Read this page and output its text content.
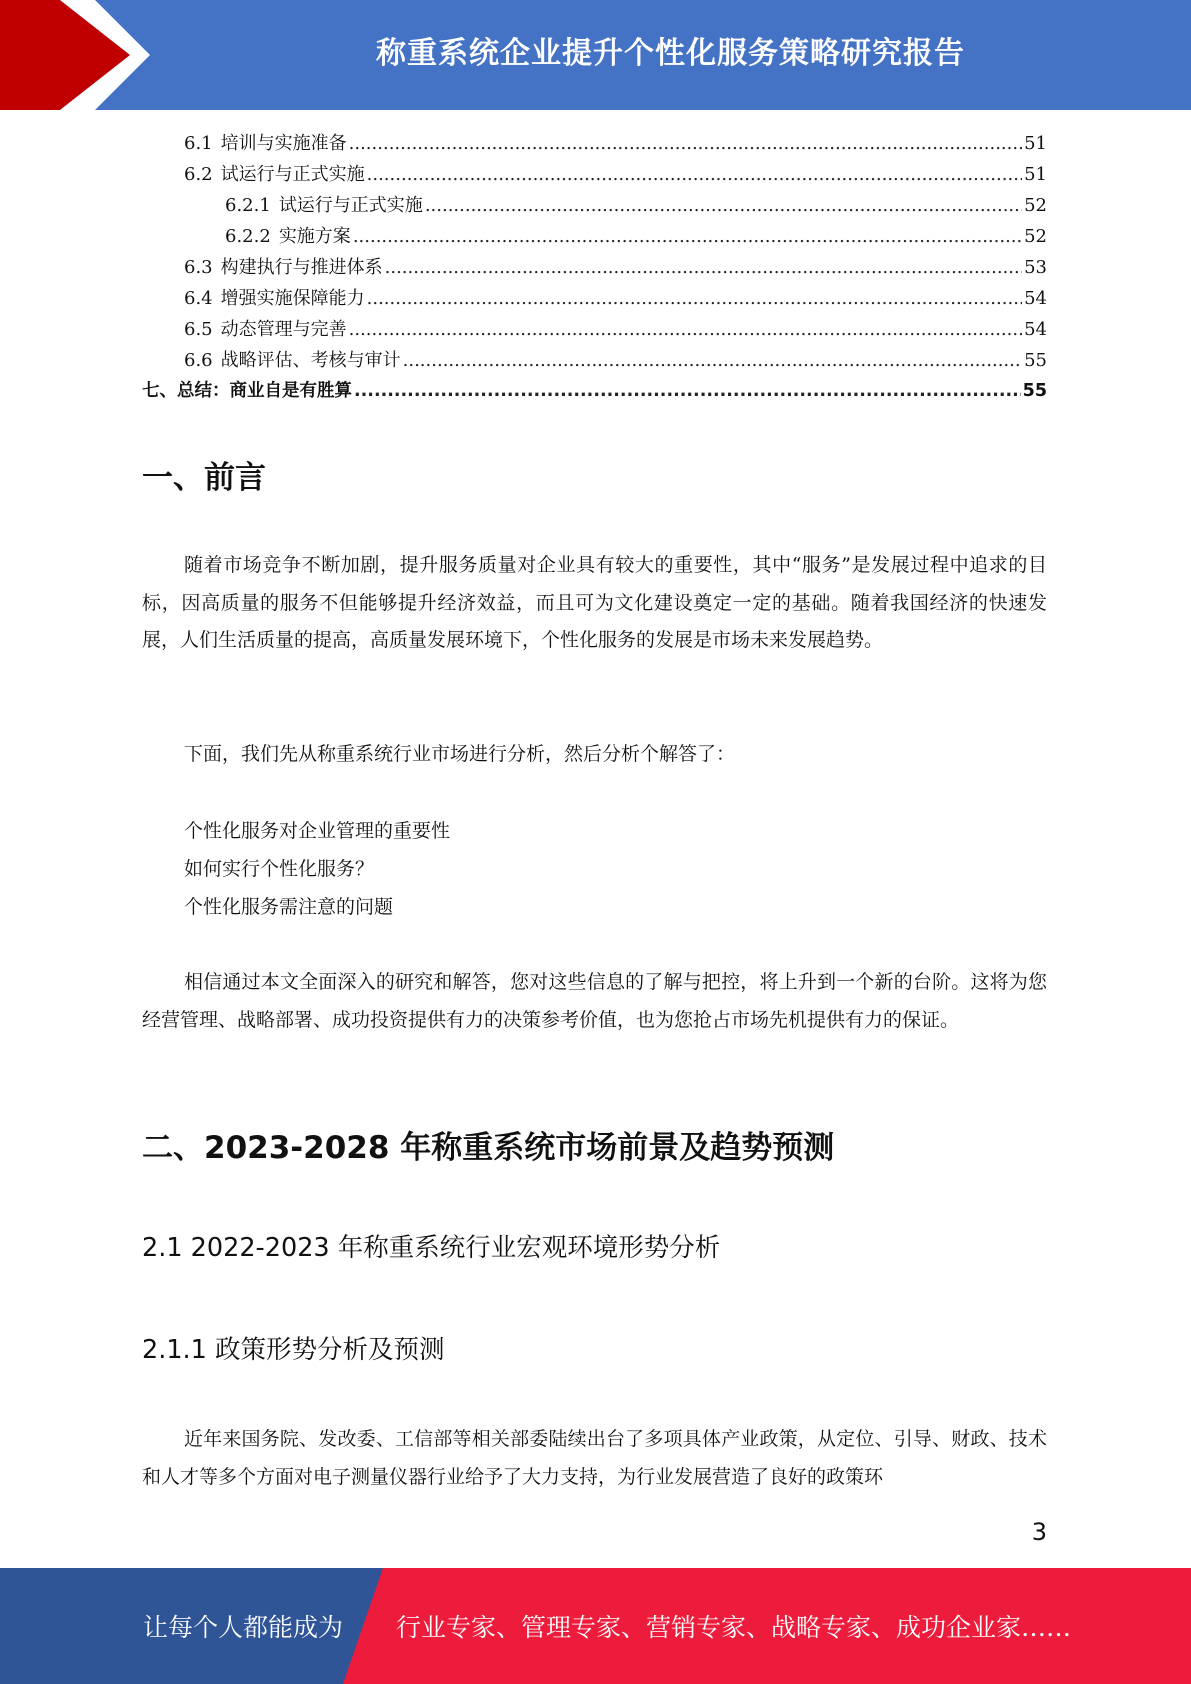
称重系统企业提升个性化服务策略研究报告
6.1 培训与实施准备 .....	51
6.2 试运行与正式实施 .....	51
6.2.1 试运行与正式实施 .....	52
6.2.2 实施方案 .....	52
6.3 构建执行与推进体系 .....	53
6.4 增强实施保障能力 .....	54
6.5 动态管理与完善 .....	54
6.6 战略评估、考核与审计 .....	55
七、总结：商业自是有胜算 .....	55
一、前言

随着市场竞争不断加剧，提升服务质量对企业具有较大的重要性，其中“服务”是发展过程中追求的目标，因高质量的服务不但能够提升经济效益，而且可为文化建设奠定一定的基础。随着我国经济的快速发展，人们生活质量的提高，高质量发展环境下，个性化服务的发展是市场未来发展趋势。

下面，我们先从称重系统行业市场进行分析，然后分析个解答了：

个性化服务对企业管理的重要性
如何实行个性化服务？
个性化服务需注意的问题

相信通过本文全面深入的研究和解答，您对这些信息的了解与把控，将上升到一个新的台阶。这将为您经营管理、战略部署、成功投资提供有力的决策参考价值，也为您抢占市场先机提供有力的保证。

二、2023-2028 年称重系统市场前景及趋势预测
2.1 2022-2023 年称重系统行业宏观环境形势分析
2.1.1 政策形势分析及预测

近年来国务院、发改委、工信部等相关部委陆续出台了多项具体产业政策，从定位、引导、财政、技术和人才等多个方面对电子测量仪器行业给予了大力支持，为行业发展营造了良好的政策环

3
让每个人都能成为 行业专家、管理专家、营销专家、战略专家、成功企业家……
